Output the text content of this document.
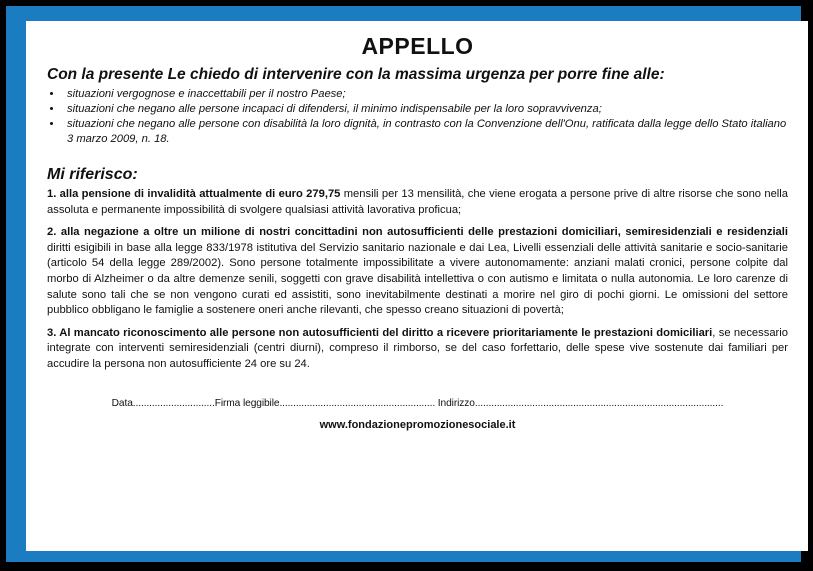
APPELLO
Con la presente Le chiedo di intervenire con la massima urgenza per porre fine alle:
• situazioni vergognose e inaccettabili per il nostro Paese;
• situazioni che negano alle persone incapaci di difendersi, il minimo indispensabile per la loro sopravvivenza;
• situazioni che negano alle persone con disabilità la loro dignità, in contrasto con la Convenzione dell'Onu, ratificata dalla legge dello Stato italiano 3 marzo 2009, n. 18.
Mi riferisco:

1. alla pensione di invalidità attualmente di euro 279,75 mensili per 13 mensilità, che viene erogata a persone prive di altre risorse che sono nella assoluta e permanente impossibilità di svolgere qualsiasi attività lavorativa proficua;

2. alla negazione a oltre un milione di nostri concittadini non autosufficienti delle prestazioni domiciliari, semiresidenziali e residenziali diritti esigibili in base alla legge 833/1978 istitutiva del Servizio sanitario nazionale e dai Lea, Livelli essenziali delle attività sanitarie e socio-sanitarie (articolo 54 della legge 289/2002). Sono persone totalmente impossibilitate a vivere autonomamente: anziani malati cronici, persone colpite dal morbo di Alzheimer o da altre demenze senili, soggetti con grave disabilità intellettiva o con autismo e limitata o nulla autonomia. Le loro carenze di salute sono tali che se non vengono curati ed assistiti, sono inevitabilmente destinati a morire nel giro di pochi giorni. Le omissioni del settore pubblico obbligano le famiglie a sostenere oneri anche rilevanti, che spesso creano situazioni di povertà;

3. Al mancato riconoscimento alle persone non autosufficienti del diritto a ricevere prioritariamente le prestazioni domiciliari, se necessario integrate con interventi semiresidenziali (centri diurni), compreso il rimborso, se del caso forfettario, delle spese vive sostenute dai familiari per accudire la persona non autosufficiente 24 ore su 24.

Data..............................Firma leggibile......................................................... Indirizzo...........................................................................................
www.fondazionepromozionesociale.it
